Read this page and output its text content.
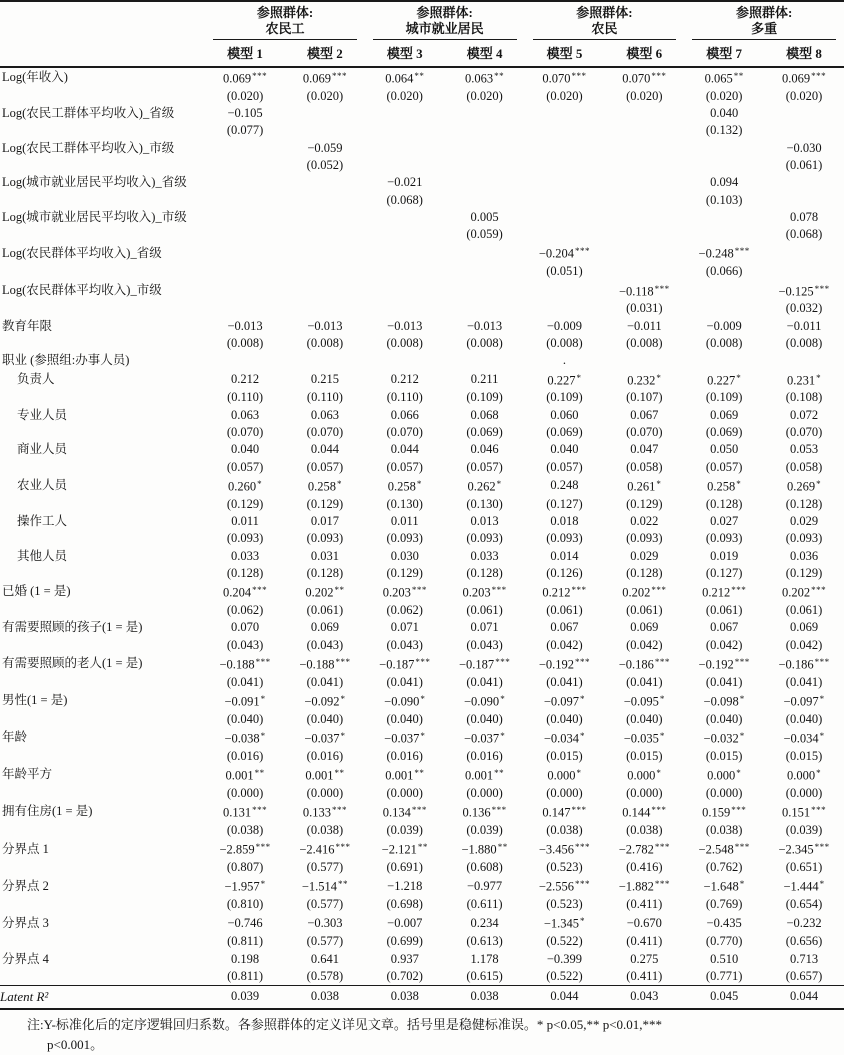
参照群体:
农民工

参照群体:
城市就业居民

参照群体:
农民

参照群体:
多重

	模型 1	模型 2	模型 3	模型 4	模型 5	模型 6	模型 7	模型 8
Log(年收入)	0.069***	0.069***	0.064**	0.063**	0.070***	0.070***	0.065**	0.069***
	(0.020)	(0.020)	(0.020)	(0.020)	(0.020)	(0.020)	(0.020)	(0.020)
Log(农民工群体平均收入)_省级	−0.105						0.040	
	(0.077)						(0.132)	
Log(农民工群体平均收入)_市级		−0.059						−0.030
		(0.052)						(0.061)
Log(城市就业居民平均收入)_省级			−0.021				0.094	
			(0.068)				(0.103)	
Log(城市就业居民平均收入)_市级				0.005				0.078
				(0.059)				(0.068)
Log(农民群体平均收入)_省级					−0.204***		−0.248***	
					(0.051)		(0.066)	
Log(农民群体平均收入)_市级						−0.118***		−0.125***
						(0.031)		(0.032)
教育年限	−0.013	−0.013	−0.013	−0.013	−0.009	−0.011	−0.009	−0.011
	(0.008)	(0.008)	(0.008)	(0.008)	(0.008)	(0.008)	(0.008)	(0.008)
职业 (参照组:办事人员)					.			
负责人	0.212	0.215	0.212	0.211	0.227*	0.232*	0.227*	0.231*
	(0.110)	(0.110)	(0.110)	(0.109)	(0.109)	(0.107)	(0.109)	(0.108)
专业人员	0.063	0.063	0.066	0.068	0.060	0.067	0.069	0.072
	(0.070)	(0.070)	(0.070)	(0.069)	(0.069)	(0.070)	(0.069)	(0.070)
商业人员	0.040	0.044	0.044	0.046	0.040	0.047	0.050	0.053
	(0.057)	(0.057)	(0.057)	(0.057)	(0.057)	(0.058)	(0.057)	(0.058)
农业人员	0.260*	0.258*	0.258*	0.262*	0.248	0.261*	0.258*	0.269*
	(0.129)	(0.129)	(0.130)	(0.130)	(0.127)	(0.129)	(0.128)	(0.128)
操作工人	0.011	0.017	0.011	0.013	0.018	0.022	0.027	0.029
	(0.093)	(0.093)	(0.093)	(0.093)	(0.093)	(0.093)	(0.093)	(0.093)
其他人员	0.033	0.031	0.030	0.033	0.014	0.029	0.019	0.036
	(0.128)	(0.128)	(0.129)	(0.128)	(0.126)	(0.128)	(0.127)	(0.129)
已婚 (1 = 是)	0.204***	0.202**	0.203***	0.203***	0.212***	0.202***	0.212***	0.202***
	(0.062)	(0.061)	(0.062)	(0.061)	(0.061)	(0.061)	(0.061)	(0.061)
有需要照顾的孩子(1 = 是)	0.070	0.069	0.071	0.071	0.067	0.069	0.067	0.069
	(0.043)	(0.043)	(0.043)	(0.043)	(0.042)	(0.042)	(0.042)	(0.042)
有需要照顾的老人(1 = 是)	−0.188***	−0.188***	−0.187***	−0.187***	−0.192***	−0.186***	−0.192***	−0.186***
	(0.041)	(0.041)	(0.041)	(0.041)	(0.041)	(0.041)	(0.041)	(0.041)
男性(1 = 是)	−0.091*	−0.092*	−0.090*	−0.090*	−0.097*	−0.095*	−0.098*	−0.097*
	(0.040)	(0.040)	(0.040)	(0.040)	(0.040)	(0.040)	(0.040)	(0.040)
年龄	−0.038*	−0.037*	−0.037*	−0.037*	−0.034*	−0.035*	−0.032*	−0.034*
	(0.016)	(0.016)	(0.016)	(0.016)	(0.015)	(0.015)	(0.015)	(0.015)
年龄平方	0.001**	0.001**	0.001**	0.001**	0.000*	0.000*	0.000*	0.000*
	(0.000)	(0.000)	(0.000)	(0.000)	(0.000)	(0.000)	(0.000)	(0.000)
拥有住房(1 = 是)	0.131***	0.133***	0.134***	0.136***	0.147***	0.144***	0.159***	0.151***
	(0.038)	(0.038)	(0.039)	(0.039)	(0.038)	(0.038)	(0.038)	(0.039)
分界点 1	−2.859***	−2.416***	−2.121**	−1.880**	−3.456***	−2.782***	−2.548***	−2.345***
	(0.807)	(0.577)	(0.691)	(0.608)	(0.523)	(0.416)	(0.762)	(0.651)
分界点 2	−1.957*	−1.514**	−1.218	−0.977	−2.556***	−1.882***	−1.648*	−1.444*
	(0.810)	(0.577)	(0.698)	(0.611)	(0.523)	(0.411)	(0.769)	(0.654)
分界点 3	−0.746	−0.303	−0.007	0.234	−1.345*	−0.670	−0.435	−0.232
	(0.811)	(0.577)	(0.699)	(0.613)	(0.522)	(0.411)	(0.770)	(0.656)
分界点 4	0.198	0.641	0.937	1.178	−0.399	0.275	0.510	0.713
	(0.811)	(0.578)	(0.702)	(0.615)	(0.522)	(0.411)	(0.771)	(0.657)
Latent R²	0.039	0.038	0.038	0.038	0.044	0.043	0.045	0.044
注:Y-标准化后的定序逻辑回归系数。各参照群体的定义详见文章。括号里是稳健标准误。* p<0.05,** p<0.01,***
p<0.001。
